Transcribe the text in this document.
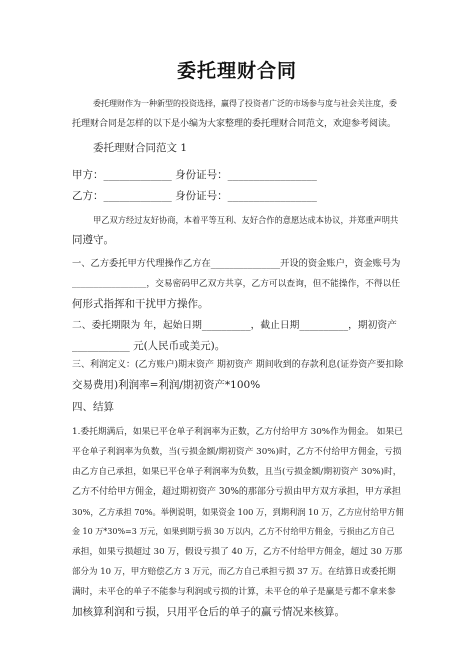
委托理财合同
委托理财作为一种新型的投资选择，赢得了投资者广泛的市场参与度与社会关注度，委
托理财合同是怎样的以下是小编为大家整理的委托理财合同范文，欢迎参考阅读。
委托理财合同范文 1
甲方：_____________ 身份证号：_________________
乙方：_____________ 身份证号：_________________
甲乙双方经过友好协商，本着平等互利、友好合作的意愿达成本协议，并郑重声明共
同遵守。
一、乙方委托甲方代理操作乙方在_______________开设的资金账户，资金账号为
_________________，交易密码甲乙双方共享，乙方可以查询，但不能操作，不得以任
何形式指挥和干扰甲方操作。
二、委托期限为 年，起始日期__________，截止日期__________，期初资产
___________ 元(人民币或美元)。
三、利润定义：(乙方账户)期末资产 期初资产 期间收到的存款利息(证券资产要扣除
交易费用)利润率=利润/期初资产*100%
四、结算
1.委托期满后，如果已平仓单子利润率为正数，乙方付给甲方 30%作为佣金。 如果已
平仓单子利润率为负数，当(亏损金额/期初资产 30%)时，乙方不付给甲方佣金，亏损
由乙方自己承担，如果已平仓单子利润率为负数，且当(亏损金额/期初资产 30%)时，
乙方不付给甲方佣金，超过期初资产 30%的那部分亏损由甲方双方承担，甲方承担
30%，乙方承担 70%。举例说明，如果资金 100 万，到期利润 10 万，乙方应付给甲方佣
金 10 万*30%=3 万元，如果到期亏损 30 万以内，乙方不付给甲方佣金，亏损由乙方自己
承担，如果亏损超过 30 万，假设亏损了 40 万，乙方不付给甲方佣金，超过 30 万那
部分为 10 万，甲方赔偿乙方 3 万元，而乙方自己承担亏损 37 万。在结算日或委托期
满时，未平仓的单子不能参与利润或亏损的计算，未平仓的单子是赢是亏都不拿来参
加核算利润和亏损，只用平仓后的单子的赢亏情况来核算。
